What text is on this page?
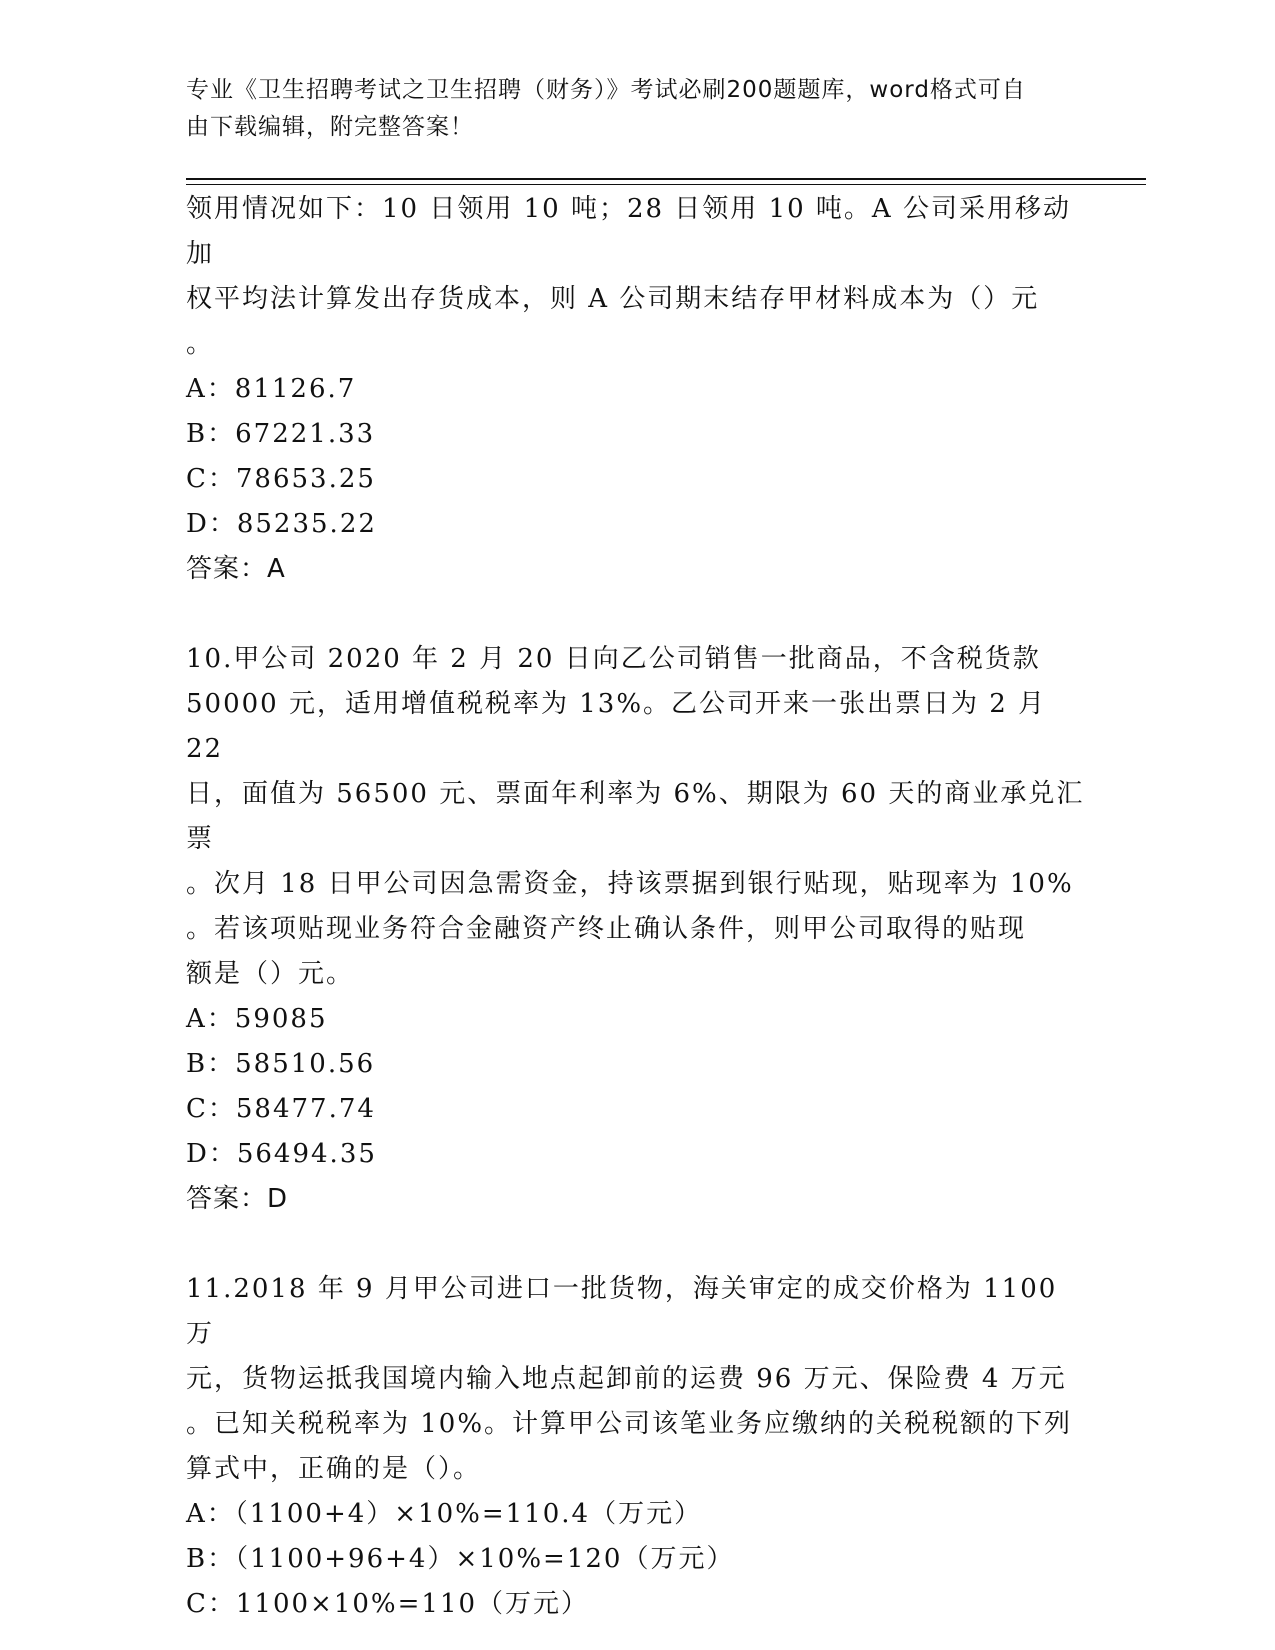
专业《卫生招聘考试之卫生招聘（财务）》考试必刷200题题库，word格式可自
由下载编辑，附完整答案！
领用情况如下：10 日领用 10 吨；28 日领用 10 吨。A 公司采用移动加
权平均法计算发出存货成本，则 A 公司期末结存甲材料成本为（）元
。
A：81126.7
B：67221.33
C：78653.25
D：85235.22
答案：A
10.甲公司 2020 年 2 月 20 日向乙公司销售一批商品，不含税货款
50000 元，适用增值税税率为 13%。乙公司开来一张出票日为 2 月 22
日，面值为 56500 元、票面年利率为 6%、期限为 60 天的商业承兑汇票
。次月 18 日甲公司因急需资金，持该票据到银行贴现，贴现率为 10%
。若该项贴现业务符合金融资产终止确认条件，则甲公司取得的贴现
额是（）元。
A：59085
B：58510.56
C：58477.74
D：56494.35
答案：D
11.2018 年 9 月甲公司进口一批货物，海关审定的成交价格为 1100 万
元，货物运抵我国境内输入地点起卸前的运费 96 万元、保险费 4 万元
。已知关税税率为 10%。计算甲公司该笔业务应缴纳的关税税额的下列
算式中，正确的是（）。
A：（1100+4）×10%=110.4（万元）
B：（1100+96+4）×10%=120（万元）
C：1100×10%=110（万元）
